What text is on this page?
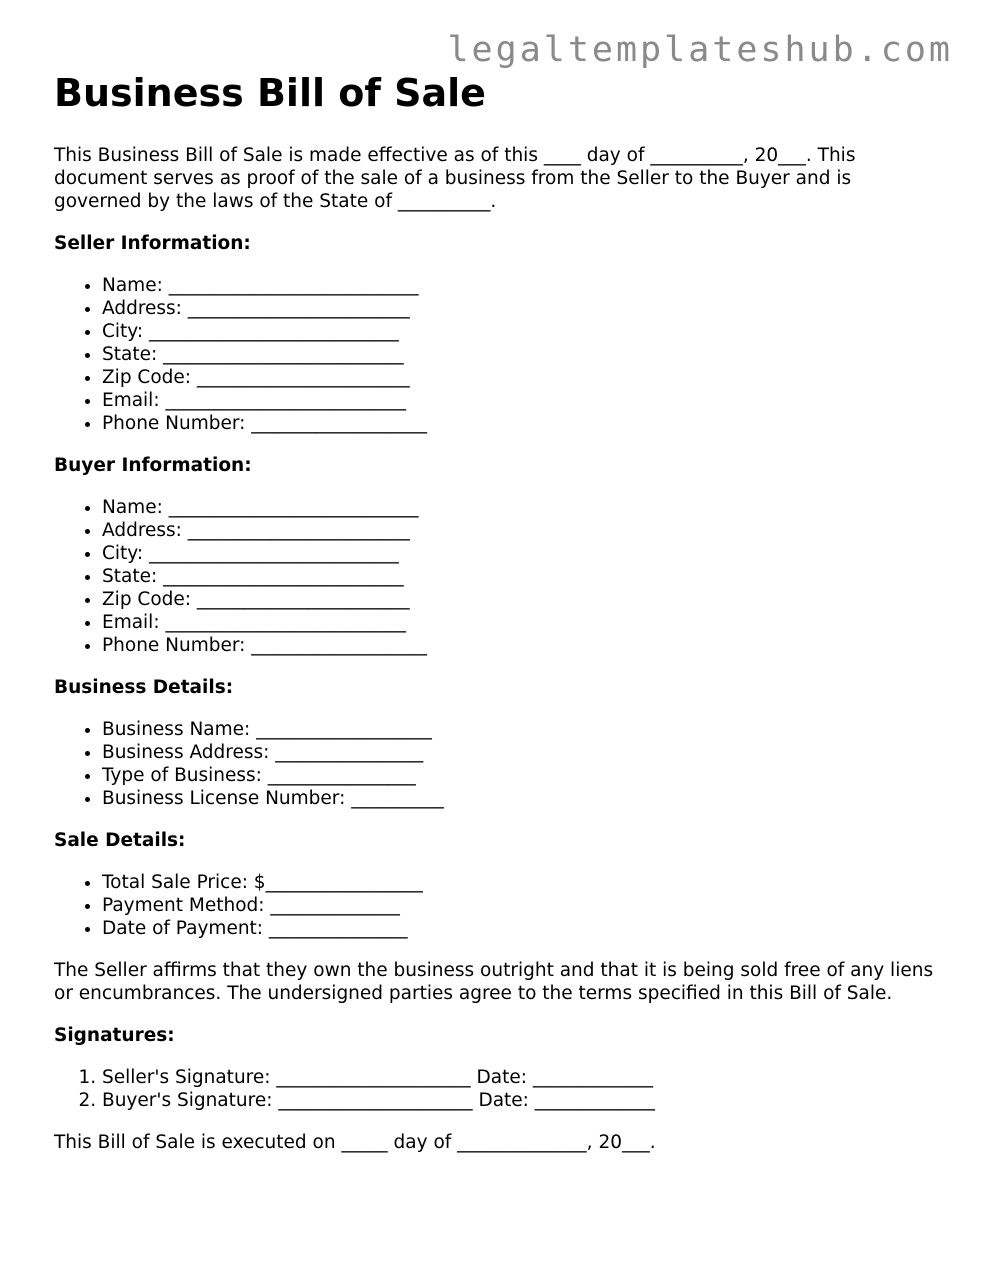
legaltemplateshub.com
Business Bill of Sale

This Business Bill of Sale is made effective as of this ____ day of __________, 20___. This document serves as proof of the sale of a business from the Seller to the Buyer and is governed by the laws of the State of __________.

Seller Information:
• Name: ___________________________
• Address: ________________________
• City: ___________________________
• State: __________________________
• Zip Code: _______________________
• Email: __________________________
• Phone Number: ___________________
Buyer Information:
• Name: ___________________________
• Address: ________________________
• City: ___________________________
• State: __________________________
• Zip Code: _______________________
• Email: __________________________
• Phone Number: ___________________
Business Details:
• Business Name: ___________________
• Business Address: ________________
• Type of Business: ________________
• Business License Number: __________
Sale Details:
• Total Sale Price: $_________________
• Payment Method: ______________
• Date of Payment: _______________

The Seller affirms that they own the business outright and that it is being sold free of any liens or encumbrances. The undersigned parties agree to the terms specified in this Bill of Sale.

Signatures:
1. Seller's Signature: _____________________ Date: _____________
2. Buyer's Signature: _____________________ Date: _____________

This Bill of Sale is executed on _____ day of ______________, 20___.
